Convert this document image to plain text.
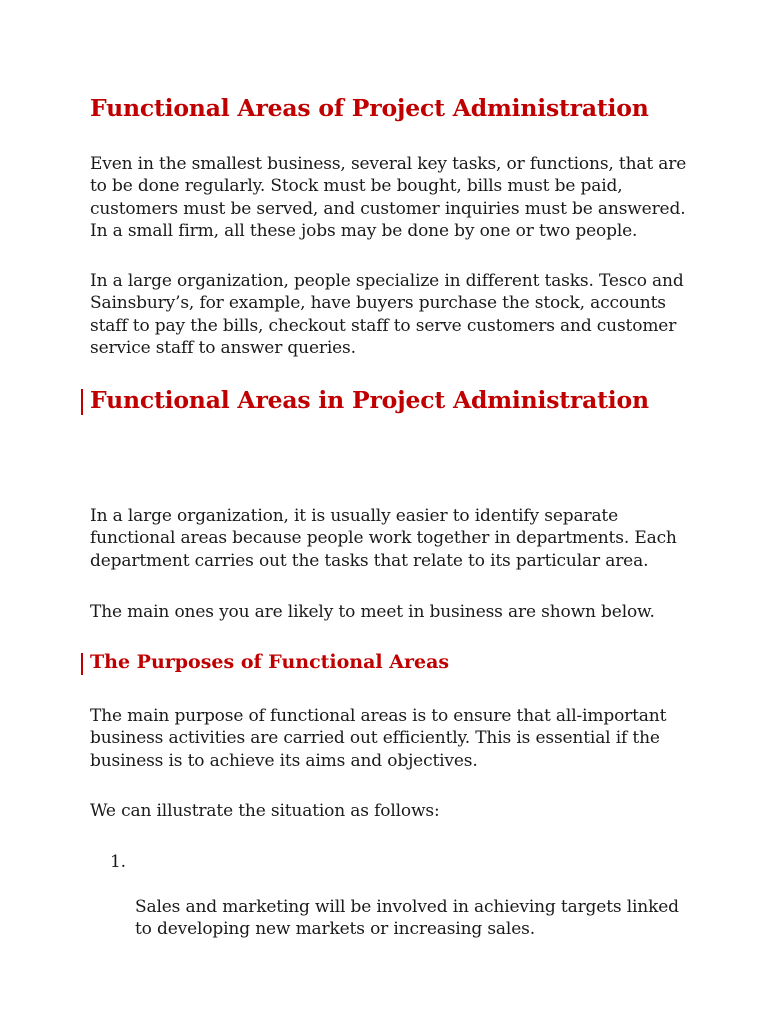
Functional Areas of Project Administration

Even in the smallest business, several key tasks, or functions, that are
to be done regularly. Stock must be bought, bills must be paid,
customers must be served, and customer inquiries must be answered.
In a small firm, all these jobs may be done by one or two people.

In a large organization, people specialize in different tasks. Tesco and
Sainsbury’s, for example, have buyers purchase the stock, accounts
staff to pay the bills, checkout staff to serve customers and customer
service staff to answer queries.

Functional Areas in Project Administration

In a large organization, it is usually easier to identify separate
functional areas because people work together in departments. Each
department carries out the tasks that relate to its particular area.

The main ones you are likely to meet in business are shown below.

The Purposes of Functional Areas

The main purpose of functional areas is to ensure that all-important
business activities are carried out efficiently. This is essential if the
business is to achieve its aims and objectives.

We can illustrate the situation as follows:

1.

Sales and marketing will be involved in achieving targets linked
to developing new markets or increasing sales.
